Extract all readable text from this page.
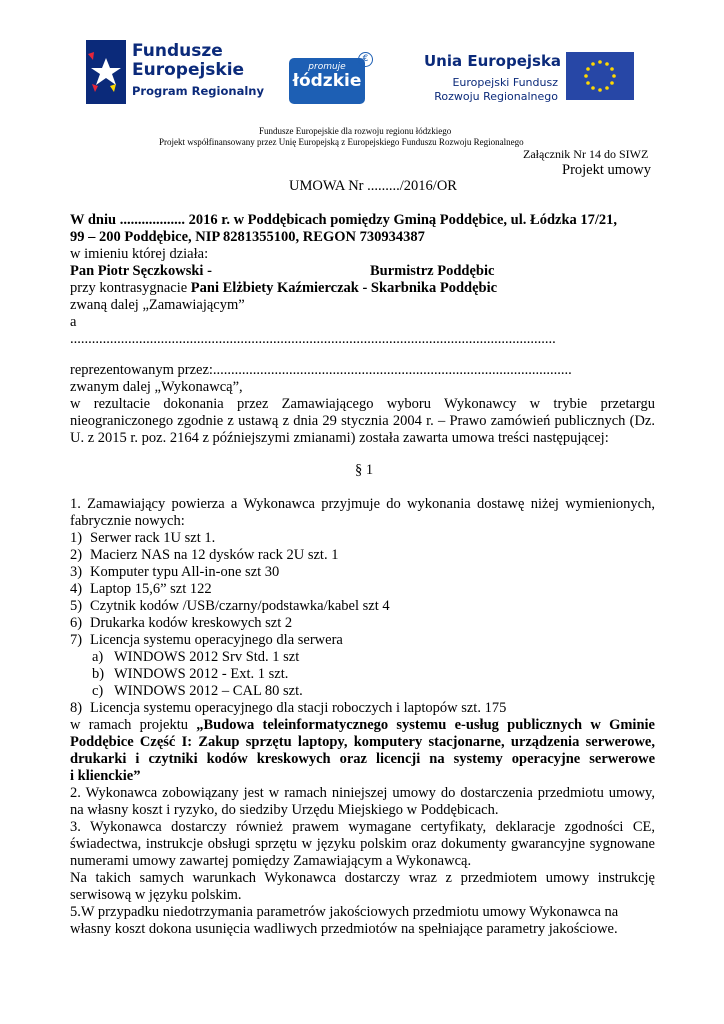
Fundusze
Europejskie
Program Regionalny
promuje
łódzkie
€	Unia Europejska
Europejski Fundusz
Rozwoju Regionalnego
Fundusze Europejskie dla rozwoju regionu łódzkiego
Projekt współfinansowany przez Unię Europejską z Europejskiego Funduszu Rozwoju Regionalnego
Załącznik Nr 14 do SIWZ
Projekt umowy
UMOWA Nr ........./2016/OR
W dniu .................. 2016 r. w Poddębicach pomiędzy Gminą Poddębice, ul. Łódzka 17/21,
99 – 200 Poddębice, NIP 8281355100, REGON 730934387
w imieniu której działa:
Pan Piotr Sęczkowski -	Burmistrz Poddębic
przy kontrasygnacie Pani Elżbiety Kaźmierczak - Skarbnika Poddębic
zwaną dalej „Zamawiającym”
a
......................................................................................................................................
reprezentowanym przez:...................................................................................................
zwanym dalej „Wykonawcą”,
w rezultacie dokonania przez Zamawiającego wyboru Wykonawcy w trybie przetargu
nieograniczonego zgodnie z ustawą z dnia 29 stycznia 2004 r. – Prawo zamówień publicznych (Dz.
U. z 2015 r. poz. 2164 z późniejszymi zmianami) została zawarta umowa treści następującej:
§ 1
1. Zamawiający powierza a Wykonawca przyjmuje do wykonania dostawę niżej wymienionych,
fabrycznie nowych:
1) Serwer rack 1U szt 1.
2) Macierz NAS na 12 dysków rack 2U szt. 1
3) Komputer typu All-in-one szt 30
4) Laptop 15,6” szt 122
5) Czytnik kodów /USB/czarny/podstawka/kabel szt 4
6) Drukarka kodów kreskowych szt 2
7) Licencja systemu operacyjnego dla serwera
a) WINDOWS 2012 Srv Std. 1 szt
b) WINDOWS 2012 - Ext. 1 szt.
c) WINDOWS 2012 – CAL 80 szt.
8) Licencja systemu operacyjnego dla stacji roboczych i laptopów szt. 175
w ramach projektu „Budowa teleinformatycznego systemu e-usług publicznych w Gminie
Poddębice Część I: Zakup sprzętu laptopy, komputery stacjonarne, urządzenia serwerowe,
drukarki i czytniki kodów kreskowych oraz licencji na systemy operacyjne serwerowe
i klienckie”
2. Wykonawca zobowiązany jest w ramach niniejszej umowy do dostarczenia przedmiotu umowy,
na własny koszt i ryzyko, do siedziby Urzędu Miejskiego w Poddębicach.
3. Wykonawca dostarczy również prawem wymagane certyfikaty, deklaracje zgodności CE,
świadectwa, instrukcje obsługi sprzętu w języku polskim oraz dokumenty gwarancyjne sygnowane
numerami umowy zawartej pomiędzy Zamawiającym a Wykonawcą.
Na takich samych warunkach Wykonawca dostarczy wraz z przedmiotem umowy instrukcję
serwisową w języku polskim.
5.W przypadku niedotrzymania parametrów jakościowych przedmiotu umowy Wykonawca na
własny koszt dokona usunięcia wadliwych przedmiotów na spełniające parametry jakościowe.
